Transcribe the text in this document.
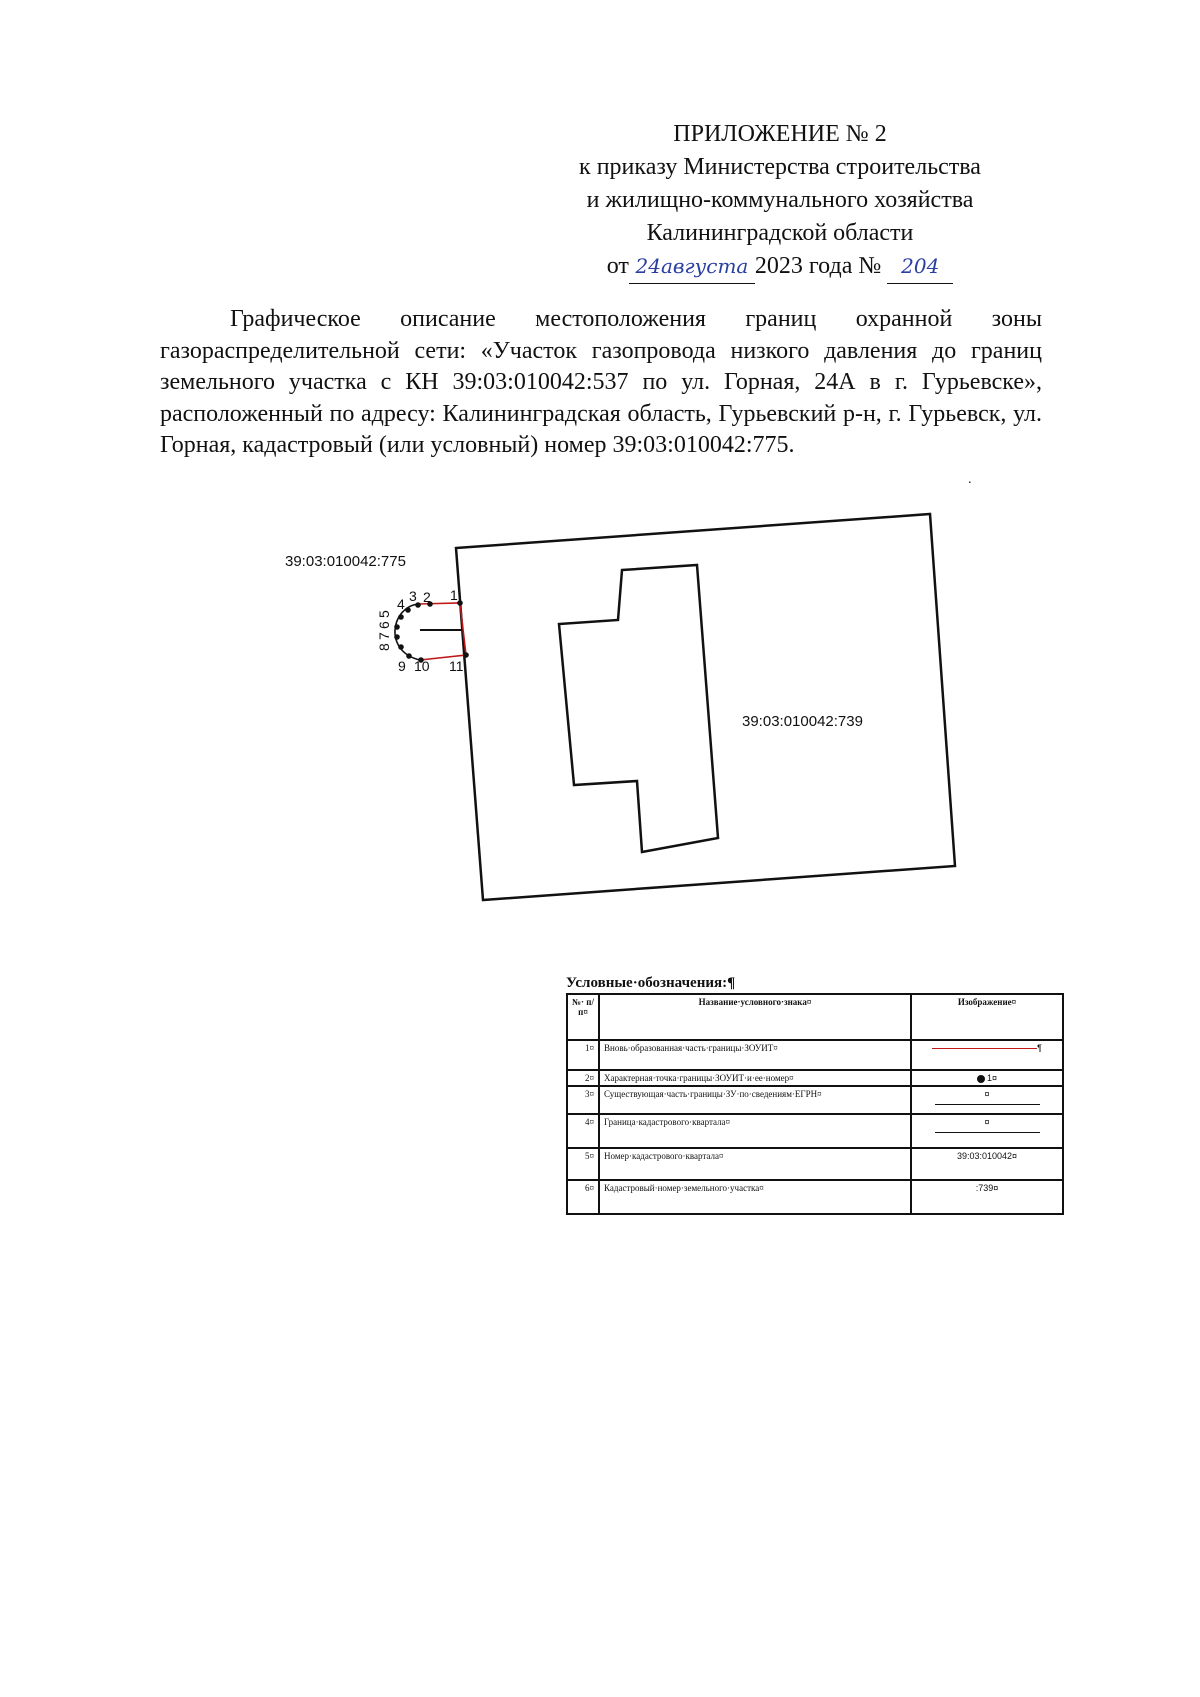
ПРИЛОЖЕНИЕ № 2
к приказу Министерства строительства
и жилищно-коммунального хозяйства
Калининградской области
от 24августа 2023 года № 204

Графическое описание местоположения границ охранной зоны газораспределительной сети: «Участок газопровода низкого давления до границ земельного участка с КН 39:03:010042:537 по ул. Горная, 24А в г. Гурьевске», расположенный по адресу: Калининградская область, Гурьевский р-н, г. Гурьевск, ул. Горная, кадастровый (или условный) номер 39:03:010042:775.

.
39:03:010042:775
39:03:010042:739
1
2
3
4
5
6
7
8
9 10 11
Условные·обозначения:¶
№· п/ п¤	Название·условного·знака¤	Изображение¤
1¤	Вновь·образованная·часть·границы·ЗОУИТ¤	¶
2¤	Характерная·точка·границы·ЗОУИТ·и·ее·номер¤	1¤
3¤	Существующая·часть·границы·ЗУ·по·сведениям·ЕГРН¤	¤

4¤	Граница·кадастрового·квартала¤	¤

5¤	Номер·кадастрового·квартала¤	39:03:010042¤
6¤	Кадастровый·номер·земельного·участка¤	:739¤
